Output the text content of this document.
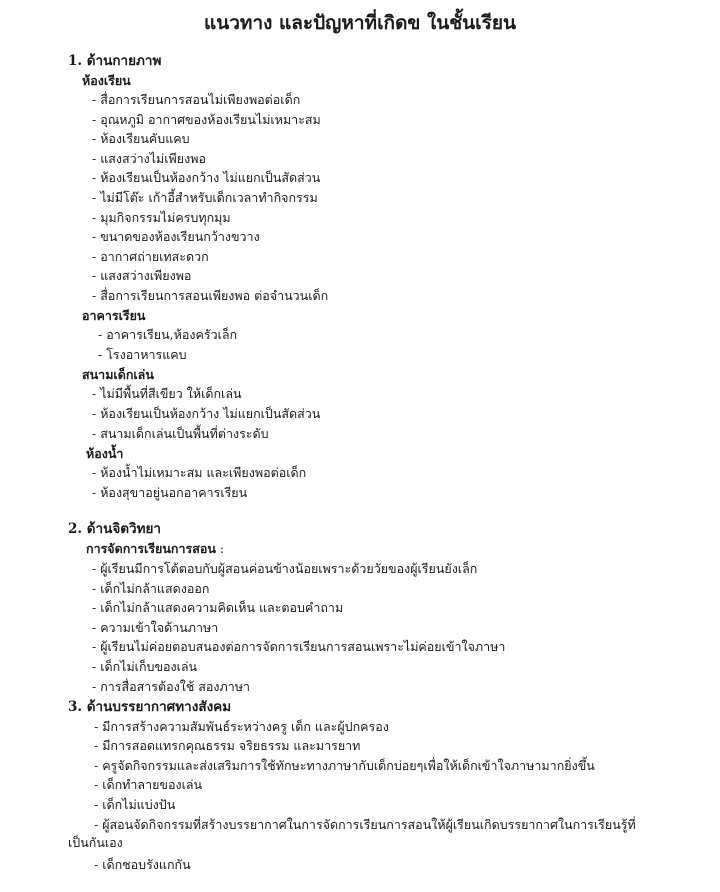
แนวทาง และปัญหาที่เกิดข ในชั้นเรียน
1. ด้านกายภาพ
ห้องเรียน
- สื่อการเรียนการสอนไม่เพียงพอต่อเด็ก
- อุณหภูมิ อากาศของห้องเรียนไม่เหมาะสม
- ห้องเรียนคับแคบ
- แสงสว่างไม่เพียงพอ
- ห้องเรียนเป็นห้องกว้าง ไม่แยกเป็นสัดส่วน
- ไม่มีโต๊ะ เก้าอี้สำหรับเด็กเวลาทำกิจกรรม
- มุมกิจกรรมไม่ครบทุกมุม
- ขนาดของห้องเรียนกว้างขวาง
- อากาศถ่ายเทสะดวก
- แสงสว่างเพียงพอ
- สื่อการเรียนการสอนเพียงพอ ต่อจำนวนเด็ก
อาคารเรียน
- อาคารเรียน,ห้องครัวเล็ก
- โรงอาหารแคบ
สนามเด็กเล่น
- ไม่มีพื้นที่สีเขียว ให้เด็กเล่น
- ห้องเรียนเป็นห้องกว้าง ไม่แยกเป็นสัดส่วน
- สนามเด็กเล่นเป็นพื้นที่ต่างระดับ
ห้องน้ำ
- ห้องน้ำไม่เหมาะสม และเพียงพอต่อเด็ก
- ห้องสุขาอยู่นอกอาคารเรียน
2. ด้านจิตวิทยา
การจัดการเรียนการสอน :
- ผู้เรียนมีการโต้ตอบกับผู้สอนค่อนข้างน้อยเพราะด้วยวัยของผู้เรียนยังเล็ก
- เด็กไม่กล้าแสดงออก
- เด็กไม่กล้าแสดงความคิดเห็น และตอบคำถาม
- ความเข้าใจด้านภาษา
- ผู้เรียนไม่ค่อยตอบสนองต่อการจัดการเรียนการสอนเพราะไม่ค่อยเข้าใจภาษา
- เด็กไม่เก็บของเล่น
- การสื่อสารต้องใช้ สองภาษา
3. ด้านบรรยากาศทางสังคม
- มีการสร้างความสัมพันธ์ระหว่างครู เด็ก และผู้ปกครอง
- มีการสอดแทรกคุณธรรม จริยธรรม และมารยาท
- ครูจัดกิจกรรมและส่งเสริมการใช้ทักษะทางภาษากับเด็กบ่อยๆเพื่อให้เด็กเข้าใจภาษามากยิ่งขึ้น
- เด็กทำลายของเล่น
- เด็กไม่แบ่งปัน
- ผู้สอนจัดกิจกรรมที่สร้างบรรยากาศในการจัดการเรียนการสอนให้ผู้เรียนเกิดบรรยากาศในการเรียนรู้ที่เป็นกันเอง
- เด็กชอบรังแกกัน
